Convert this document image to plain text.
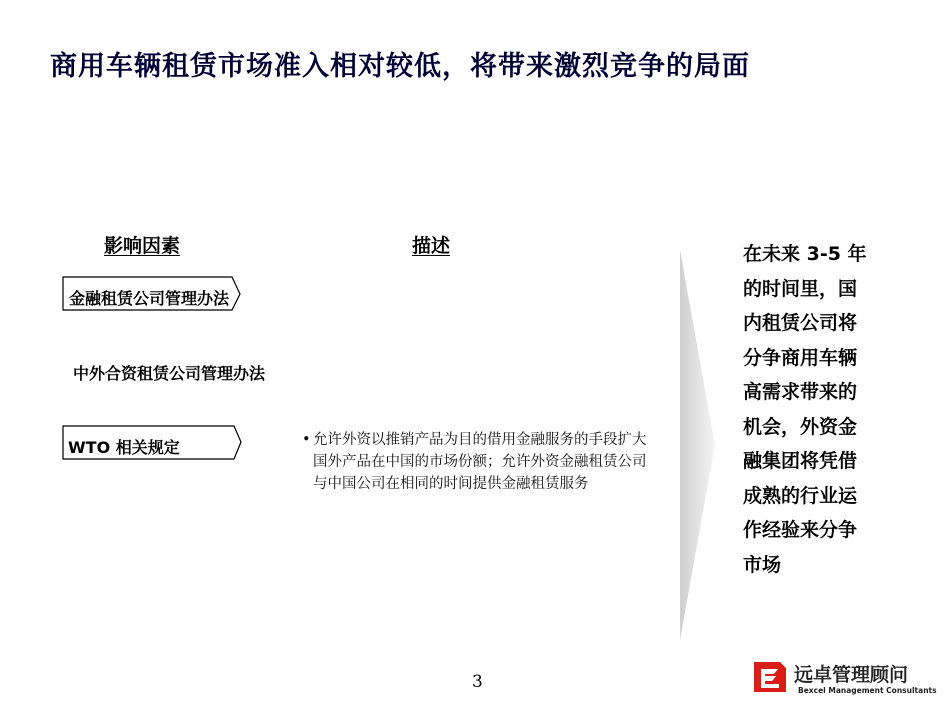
商用车辆租赁市场准入相对较低，将带来激烈竞争的局面
影响因素	描述
金融租赁公司管理办法
中外合资租赁公司管理办法
WTO 相关规定	• 允许外资以推销产品为目的借用金融服务的手段扩大国外产品在中国的市场份额；允许外资金融租赁公司与中国公司在相同的时间提供金融租赁服务
在未来 3-5 年的时间里，国内租赁公司将分争商用车辆高需求带来的机会，外资金融集团将凭借成熟的行业运作经验来分争市场
3	远卓管理顾问
Bexcel Management Consultants
